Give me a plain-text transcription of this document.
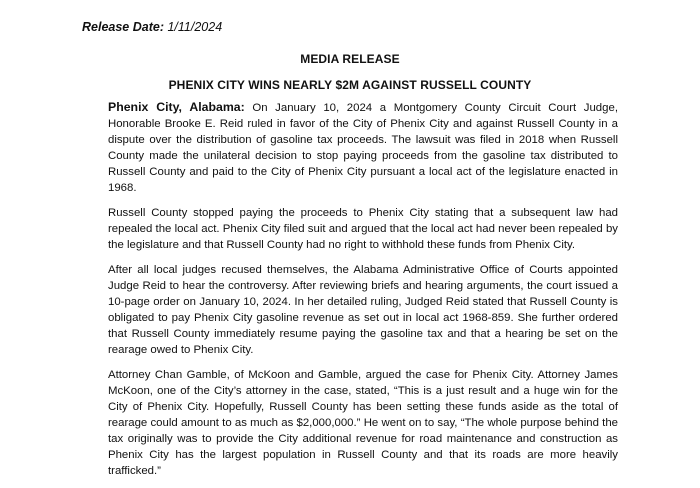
Release Date: 1/11/2024
MEDIA RELEASE
PHENIX CITY WINS NEARLY $2M AGAINST RUSSELL COUNTY

Phenix City, Alabama: On January 10, 2024 a Montgomery County Circuit Court Judge, Honorable Brooke E. Reid ruled in favor of the City of Phenix City and against Russell County in a dispute over the distribution of gasoline tax proceeds. The lawsuit was filed in 2018 when Russell County made the unilateral decision to stop paying proceeds from the gasoline tax distributed to Russell County and paid to the City of Phenix City pursuant a local act of the legislature enacted in 1968.

Russell County stopped paying the proceeds to Phenix City stating that a subsequent law had repealed the local act. Phenix City filed suit and argued that the local act had never been repealed by the legislature and that Russell County had no right to withhold these funds from Phenix City.

After all local judges recused themselves, the Alabama Administrative Office of Courts appointed Judge Reid to hear the controversy. After reviewing briefs and hearing arguments, the court issued a 10-page order on January 10, 2024. In her detailed ruling, Judged Reid stated that Russell County is obligated to pay Phenix City gasoline revenue as set out in local act 1968-859. She further ordered that Russell County immediately resume paying the gasoline tax and that a hearing be set on the rearage owed to Phenix City.

Attorney Chan Gamble, of McKoon and Gamble, argued the case for Phenix City. Attorney James McKoon, one of the City’s attorney in the case, stated, “This is a just result and a huge win for the City of Phenix City. Hopefully, Russell County has been setting these funds aside as the total of rearage could amount to as much as $2,000,000.” He went on to say, “The whole purpose behind the tax originally was to provide the City additional revenue for road maintenance and construction as Phenix City has the largest population in Russell County and that its roads are more heavily trafficked.”
